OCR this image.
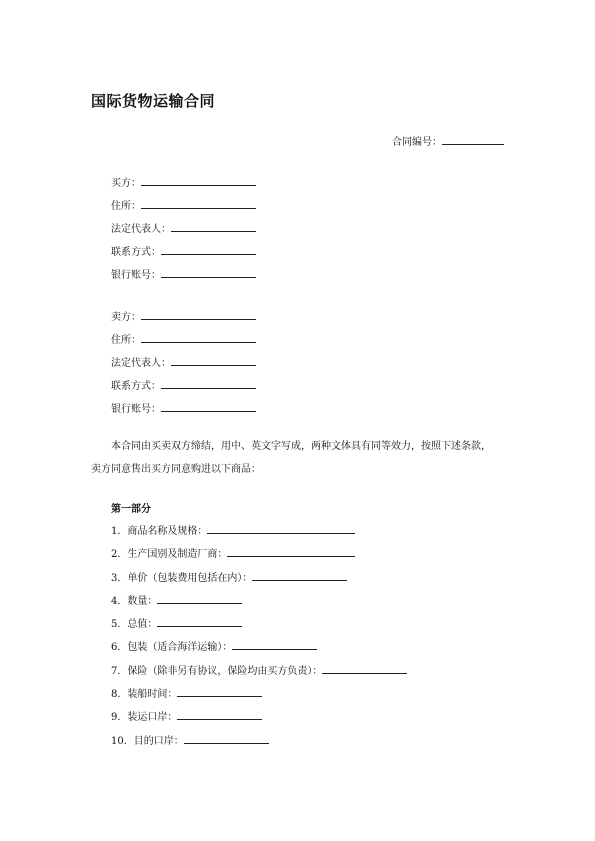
国际货物运输合同
合同编号：
买方：
住所：
法定代表人：
联系方式：
银行账号：
卖方：
住所：
法定代表人：
联系方式：
银行账号：
本合同由买卖双方缔结，用中、英文字写成，两种文体具有同等效力，按照下述条款，
卖方同意售出买方同意购进以下商品：
第一部分
1．商品名称及规格：
2．生产国别及制造厂商：
3．单价（包装费用包括在内）：
4．数量：
5．总值：
6．包装（适合海洋运输）：
7．保险（除非另有协议，保险均由买方负责）：
8．装船时间：
9．装运口岸：
10．目的口岸：
